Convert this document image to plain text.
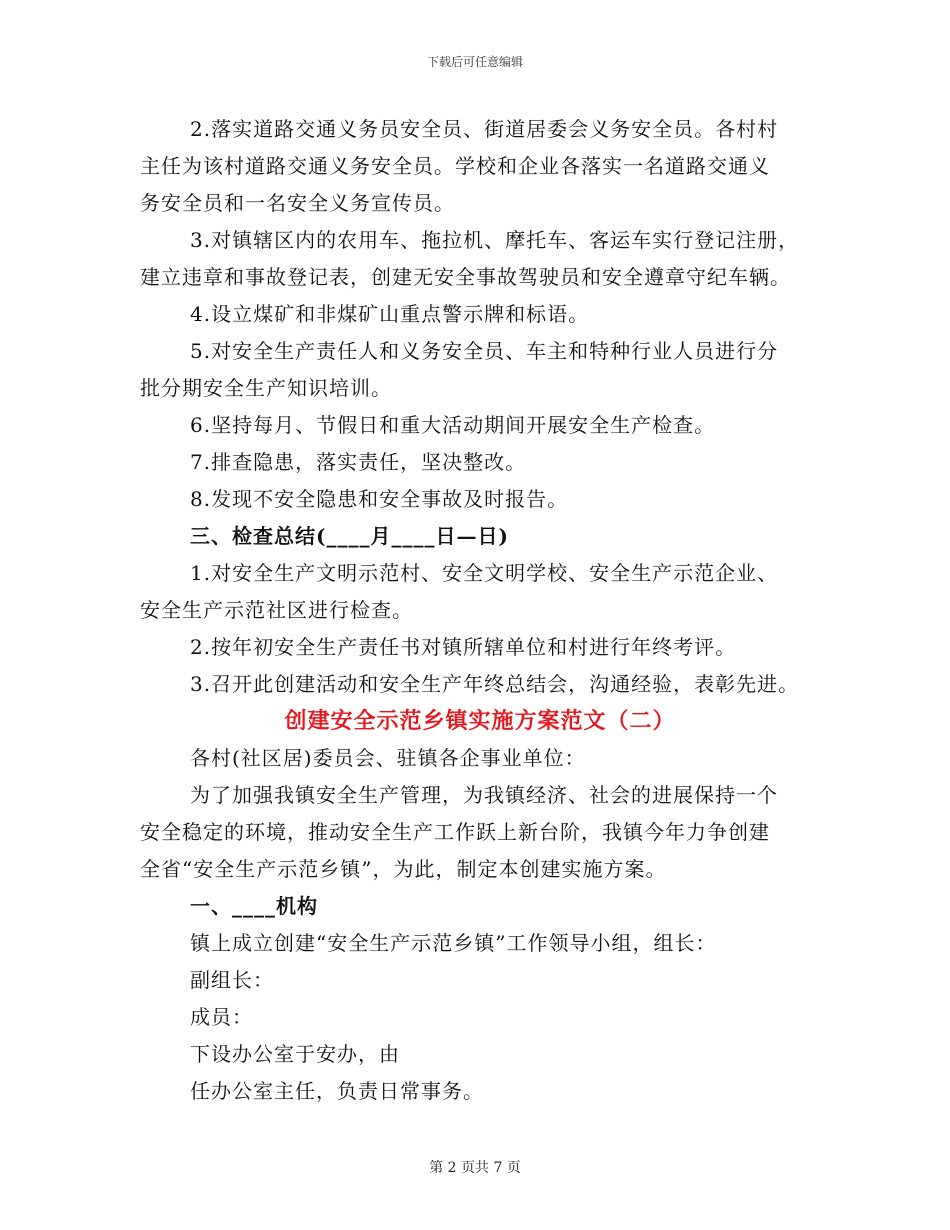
下载后可任意编辑
2.落实道路交通义务员安全员、街道居委会义务安全员。各村村
主任为该村道路交通义务安全员。学校和企业各落实一名道路交通义
务安全员和一名安全义务宣传员。
3.对镇辖区内的农用车、拖拉机、摩托车、客运车实行登记注册，
建立违章和事故登记表，创建无安全事故驾驶员和安全遵章守纪车辆。
4.设立煤矿和非煤矿山重点警示牌和标语。
5.对安全生产责任人和义务安全员、车主和特种行业人员进行分
批分期安全生产知识培训。
6.坚持每月、节假日和重大活动期间开展安全生产检查。
7.排查隐患，落实责任，坚决整改。
8.发现不安全隐患和安全事故及时报告。
三、检查总结(____月____日—日)
1.对安全生产文明示范村、安全文明学校、安全生产示范企业、
安全生产示范社区进行检查。
2.按年初安全生产责任书对镇所辖单位和村进行年终考评。
3.召开此创建活动和安全生产年终总结会，沟通经验，表彰先进。
创建安全示范乡镇实施方案范文（二）
各村(社区居)委员会、驻镇各企事业单位：
为了加强我镇安全生产管理，为我镇经济、社会的进展保持一个
安全稳定的环境，推动安全生产工作跃上新台阶，我镇今年力争创建
全省“安全生产示范乡镇”，为此，制定本创建实施方案。
一、____机构
镇上成立创建“安全生产示范乡镇”工作领导小组，组长：
副组长：
成员：
下设办公室于安办，由
任办公室主任，负责日常事务。
第 2 页共 7 页
